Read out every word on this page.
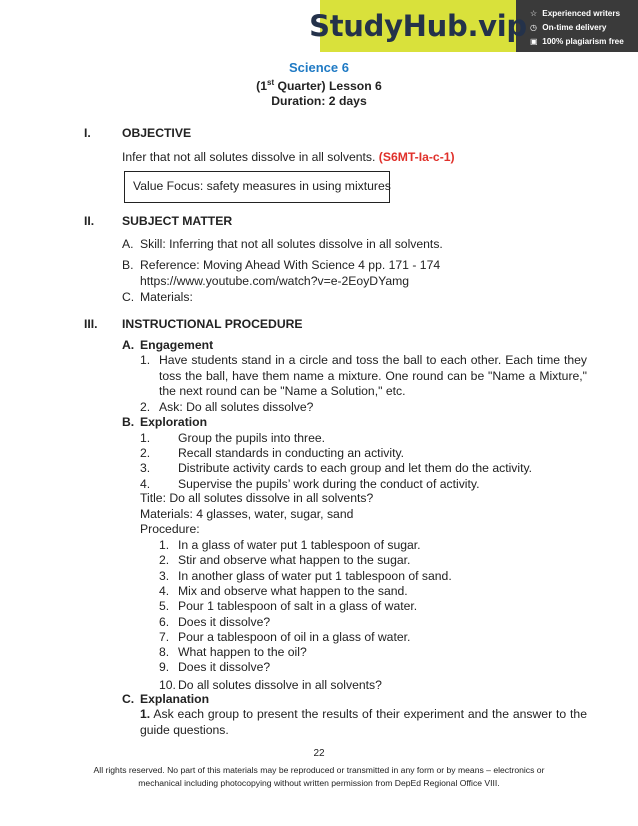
StudyHub.vip ☆ Experienced writers
◷ On-time delivery
▣ 100% plagiarism free
Science 6
(1st Quarter) Lesson 6
Duration: 2 days
I.	OBJECTIVE
Infer that not all solutes dissolve in all solvents. (S6MT-Ia-c-1)
Value Focus: safety measures in using mixtures
II. SUBJECT MATTER
A. Skill: Inferring that not all solutes dissolve in all solvents.
B. Reference: Moving Ahead With Science 4 pp. 171 - 174
https://www.youtube.com/watch?v=e-2EoyDYamg
C. Materials:
III. INSTRUCTIONAL PROCEDURE
A. Engagement
1. Have students stand in a circle and toss the ball to each other. Each time they toss the ball, have them name a mixture. One round can be "Name a Mixture," the next round can be "Name a Solution," etc.
2. Ask: Do all solutes dissolve?
B. Exploration
1. Group the pupils into three.
2. Recall standards in conducting an activity.
3. Distribute activity cards to each group and let them do the activity.
4. Supervise the pupils’ work during the conduct of activity.
Title: Do all solutes dissolve in all solvents?
Materials: 4 glasses, water, sugar, sand
Procedure:
1. In a glass of water put 1 tablespoon of sugar.
2. Stir and observe what happen to the sugar.
3. In another glass of water put 1 tablespoon of sand.
4. Mix and observe what happen to the sand.
5. Pour 1 tablespoon of salt in a glass of water.
6. Does it dissolve?
7. Pour a tablespoon of oil in a glass of water.
8. What happen to the oil?
9. Does it dissolve?
10. Do all solutes dissolve in all solvents?
C. Explanation
1. Ask each group to present the results of their experiment and the answer to the guide questions.
22
All rights reserved. No part of this materials may be reproduced or transmitted in any form or by means – electronics or
mechanical including photocopying without written permission from DepEd Regional Office VIII.
